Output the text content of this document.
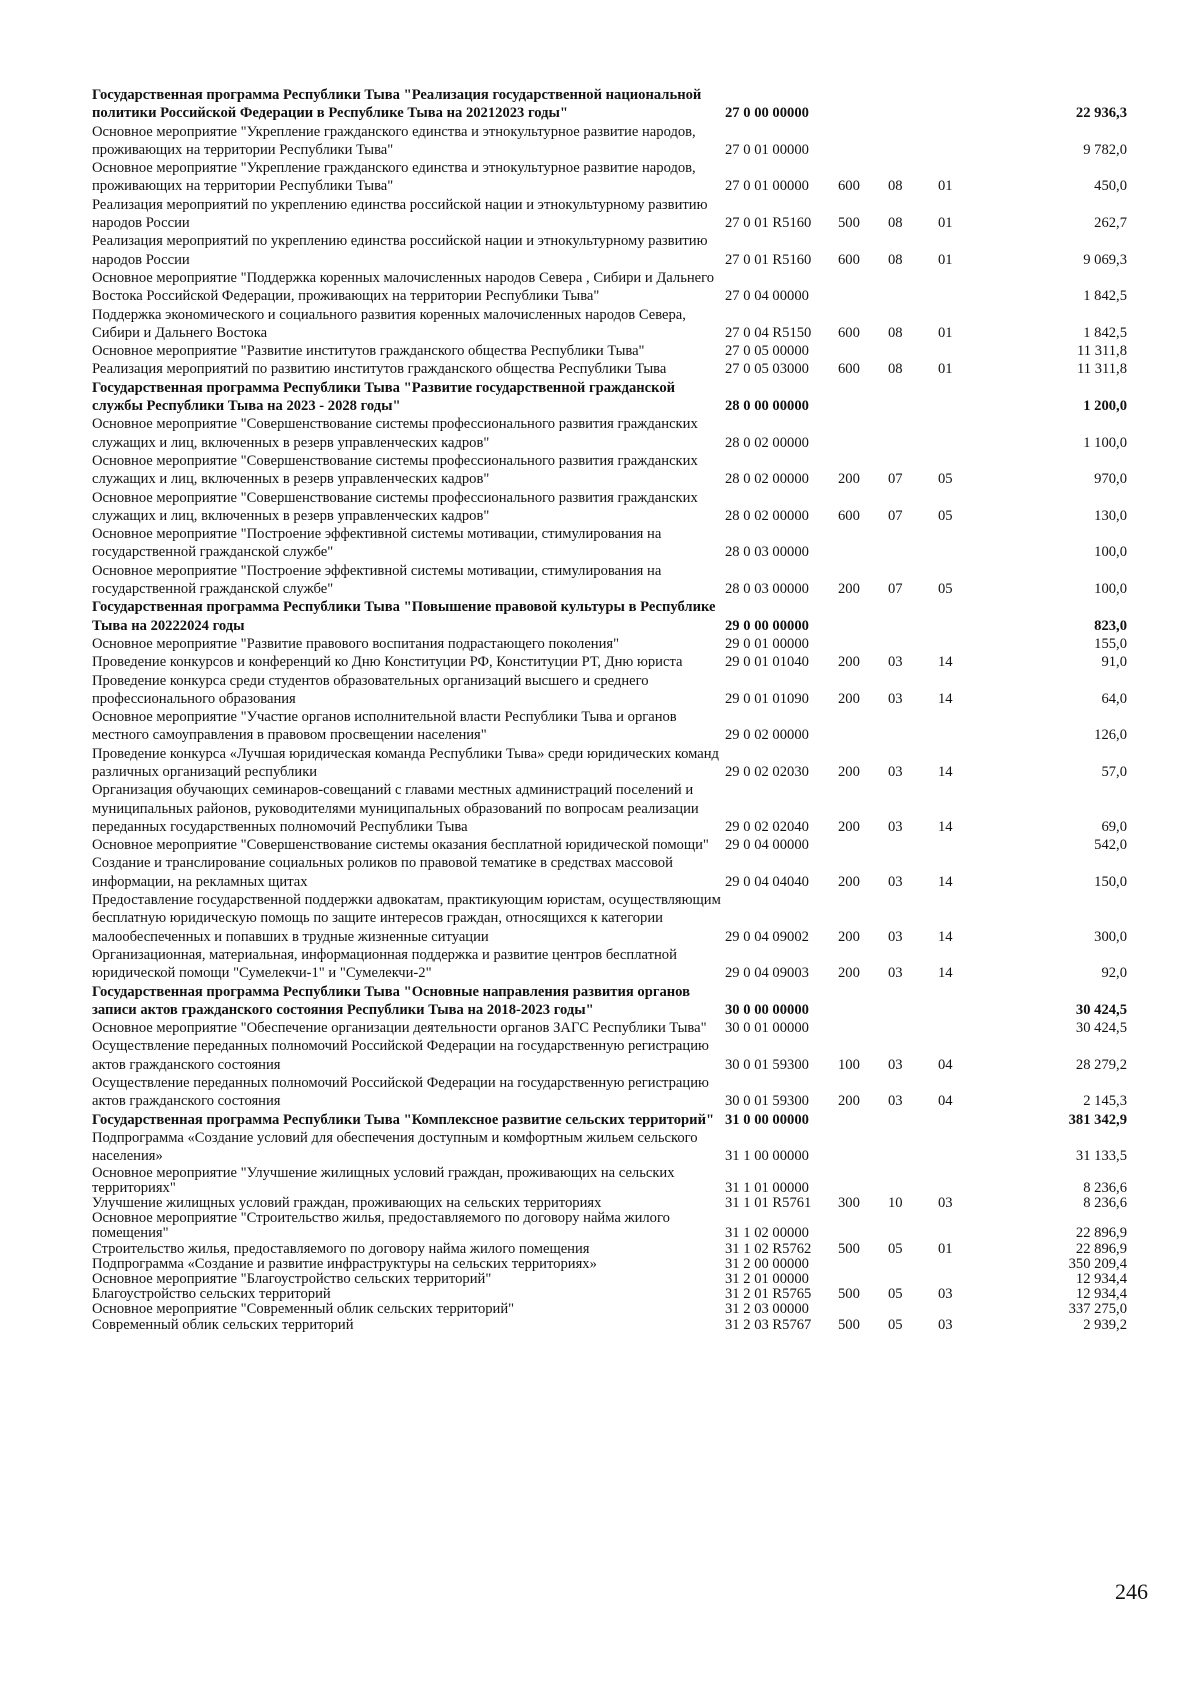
Государственная программа Республики Тыва "Реализация государственной национальной политики Российской Федерации в Республике Тыва на 20212023 годы"	27 0 00 00000	22 936,3
Основное мероприятие "Укрепление гражданского единства и этнокультурное развитие народов, проживающих на территории Республики Тыва"	27 0 01 00000	9 782,0
Основное мероприятие "Укрепление гражданского единства и этнокультурное развитие народов, проживающих на территории Республики Тыва"	27 0 01 00000	600	08	01	450,0
Реализация мероприятий по укреплению единства российской нации и этнокультурному развитию народов России	27 0 01 R5160	500	08	01	262,7
Реализация мероприятий по укреплению единства российской нации и этнокультурному развитию народов России	27 0 01 R5160	600	08	01	9 069,3
Основное мероприятие "Поддержка коренных малочисленных народов Севера , Сибири и Дальнего Востока Российской Федерации, проживающих на территории Республики Тыва"	27 0 04 00000	1 842,5
Поддержка экономического и социального развития коренных малочисленных народов Севера, Сибири и Дальнего Востока	27 0 04 R5150	600	08	01	1 842,5
Основное мероприятие "Развитие институтов гражданского общества Республики Тыва"	27 0 05 00000	11 311,8
Реализация мероприятий по развитию институтов гражданского общества Республики Тыва	27 0 05 03000	600	08	01	11 311,8
Государственная программа Республики Тыва "Развитие государственной гражданской службы Республики Тыва на 2023 - 2028 годы"	28 0 00 00000	1 200,0
Основное мероприятие "Совершенствование системы профессионального развития гражданских служащих и лиц, включенных в резерв управленческих кадров"	28 0 02 00000	1 100,0
Основное мероприятие "Совершенствование системы профессионального развития гражданских служащих и лиц, включенных в резерв управленческих кадров"	28 0 02 00000	200	07	05	970,0
Основное мероприятие "Совершенствование системы профессионального развития гражданских служащих и лиц, включенных в резерв управленческих кадров"	28 0 02 00000	600	07	05	130,0
Основное мероприятие "Построение эффективной системы мотивации, стимулирования на государственной гражданской службе"	28 0 03 00000	100,0
Основное мероприятие "Построение эффективной системы мотивации, стимулирования на государственной гражданской службе"	28 0 03 00000	200	07	05	100,0
Государственная программа Республики Тыва "Повышение правовой культуры в Республике Тыва на 20222024 годы	29 0 00 00000	823,0
Основное мероприятие "Развитие правового воспитания подрастающего поколения"	29 0 01 00000	155,0
Проведение конкурсов и конференций ко Дню Конституции РФ, Конституции РТ, Дню юриста	29 0 01 01040	200	03	14	91,0
Проведение конкурса среди студентов образовательных организаций высшего и среднего профессионального образования	29 0 01 01090	200	03	14	64,0
Основное мероприятие "Участие органов исполнительной власти Республики Тыва и органов местного самоуправления в правовом просвещении населения"	29 0 02 00000	126,0
Проведение конкурса «Лучшая юридическая команда Республики Тыва» среди юридических команд различных организаций республики	29 0 02 02030	200	03	14	57,0
Организация обучающих семинаров-совещаний с главами местных администраций поселений и муниципальных районов, руководителями муниципальных образований по вопросам реализации переданных государственных полномочий Республики Тыва	29 0 02 02040	200	03	14	69,0
Основное мероприятие "Совершенствование системы оказания бесплатной юридической помощи"	29 0 04 00000	542,0
Создание и транслирование социальных роликов по правовой тематике в средствах массовой информации, на рекламных щитах	29 0 04 04040	200	03	14	150,0
Предоставление государственной поддержки адвокатам, практикующим юристам, осуществляющим бесплатную юридическую помощь по защите интересов граждан, относящихся к категории малообеспеченных и попавших в трудные жизненные ситуации	29 0 04 09002	200	03	14	300,0
Организационная, материальная, информационная поддержка и развитие центров бесплатной юридической помощи "Сумелекчи-1" и "Сумелекчи-2"	29 0 04 09003	200	03	14	92,0
Государственная программа Республики Тыва "Основные направления развития органов записи актов гражданского состояния Республики Тыва на 2018-2023 годы"	30 0 00 00000	30 424,5
Основное мероприятие "Обеспечение организации деятельности органов ЗАГС Республики Тыва"	30 0 01 00000	30 424,5
Осуществление переданных полномочий Российской Федерации на государственную регистрацию актов гражданского состояния	30 0 01 59300	100	03	04	28 279,2
Осуществление переданных полномочий Российской Федерации на государственную регистрацию актов гражданского состояния	30 0 01 59300	200	03	04	2 145,3
Государственная программа Республики Тыва "Комплексное развитие сельских территорий" 31 0 00 00000	381 342,9
Подпрограмма «Создание условий для обеспечения доступным и комфортным жильем сельского населения»	31 1 00 00000	31 133,5
Основное мероприятие "Улучшение жилищных условий граждан, проживающих на сельских территориях"	31 1 01 00000	8 236,6
Улучшение жилищных условий граждан, проживающих на сельских территориях	31 1 01 R5761	300	10	03	8 236,6
Основное мероприятие "Строительство жилья, предоставляемого по договору найма жилого помещения"	31 1 02 00000	22 896,9
Строительство жилья, предоставляемого по договору найма жилого помещения	31 1 02 R5762	500	05	01	22 896,9
Подпрограмма «Создание и развитие инфраструктуры на сельских территориях»	31 2 00 00000	350 209,4
Основное мероприятие "Благоустройство сельских территорий"	31 2 01 00000	12 934,4
Благоустройство сельских территорий	31 2 01 R5765	500	05	03	12 934,4
Основное мероприятие "Современный облик сельских территорий"	31 2 03 00000	337 275,0
Современный облик сельских территорий	31 2 03 R5767	500	05	03	2 939,2
246
